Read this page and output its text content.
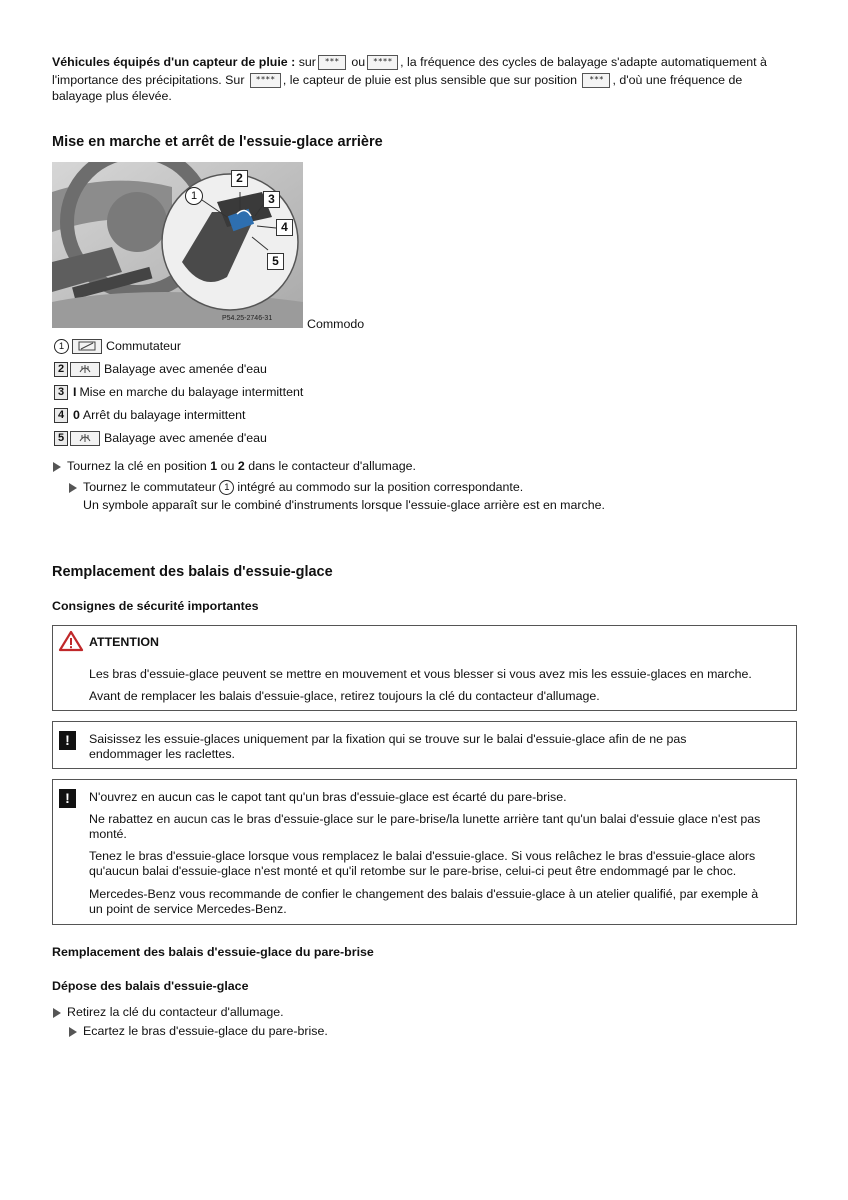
Véhicules équipés d'un capteur de pluie : sur *** ou **** , la fréquence des cycles de balayage s'adapte automatiquement à
l'importance des précipitations. Sur **** , le capteur de pluie est plus sensible que sur position *** , d'où une fréquence de
balayage plus élevée.
Mise en marche et arrêt de l'essuie-glace arrière
P54.25-2746-31
1
2
3
4
5
Commodo
1	Commutateur
2	Balayage avec amenée d'eau
3 I Mise en marche du balayage intermittent
4 0 Arrêt du balayage intermittent
5	Balayage avec amenée d'eau
Tournez la clé en position 1 ou 2 dans le contacteur d'allumage.
Tournez le commutateur 1 intégré au commodo sur la position correspondante.
Un symbole apparaît sur le combiné d'instruments lorsque l'essuie-glace arrière est en marche.
Remplacement des balais d'essuie-glace
Consignes de sécurité importantes
ATTENTION

Les bras d'essuie-glace peuvent se mettre en mouvement et vous blesser si vous avez mis les essuie-glaces en marche.

Avant de remplacer les balais d'essuie-glace, retirez toujours la clé du contacteur d'allumage.

!	Saisissez les essuie-glaces uniquement par la fixation qui se trouve sur le balai d'essuie-glace afin de ne pas

endommager les raclettes.

!	N'ouvrez en aucun cas le capot tant qu'un bras d'essuie-glace est écarté du pare-brise.

Ne rabattez en aucun cas le bras d'essuie-glace sur le pare-brise/la lunette arrière tant qu'un balai d'essuie glace n'est pas

monté.

Tenez le bras d'essuie-glace lorsque vous remplacez le balai d'essuie-glace. Si vous relâchez le bras d'essuie-glace alors

qu'aucun balai d'essuie-glace n'est monté et qu'il retombe sur le pare-brise, celui-ci peut être endommagé par le choc.

Mercedes-Benz vous recommande de confier le changement des balais d'essuie-glace à un atelier qualifié, par exemple à

un point de service Mercedes-Benz.

Remplacement des balais d'essuie-glace du pare-brise
Dépose des balais d'essuie-glace
Retirez la clé du contacteur d'allumage.
Ecartez le bras d'essuie-glace du pare-brise.
